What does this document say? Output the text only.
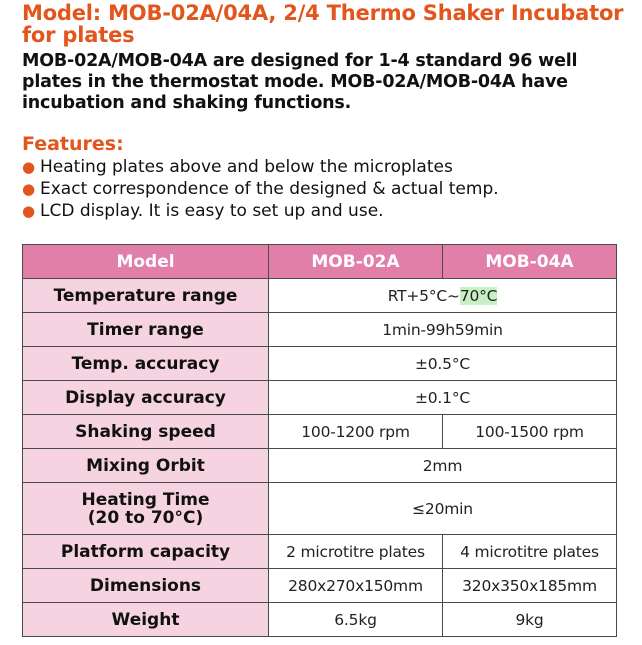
Model: MOB-02A/04A, 2/4 Thermo Shaker Incubator for plates
MOB-02A/MOB-04A are designed for 1-4 standard 96 well plates in the thermostat mode. MOB-02A/MOB-04A have incubation and shaking functions.
Features:
● Heating plates above and below the microplates
● Exact correspondence of the designed & actual temp.
● LCD display. It is easy to set up and use.
Model	MOB-02A	MOB-04A
Temperature range	RT+5°C~70°C	
Timer range	1min-99h59min	
Temp. accuracy	±0.5°C	
Display accuracy	±0.1°C	
Shaking speed	100-1200 rpm	100-1500 rpm
Mixing Orbit	2mm	
Heating Time
(20 to 70°C)	≤20min	
Platform capacity	2 microtitre plates	4 microtitre plates
Dimensions	280x270x150mm	320x350x185mm
Weight	6.5kg	9kg
